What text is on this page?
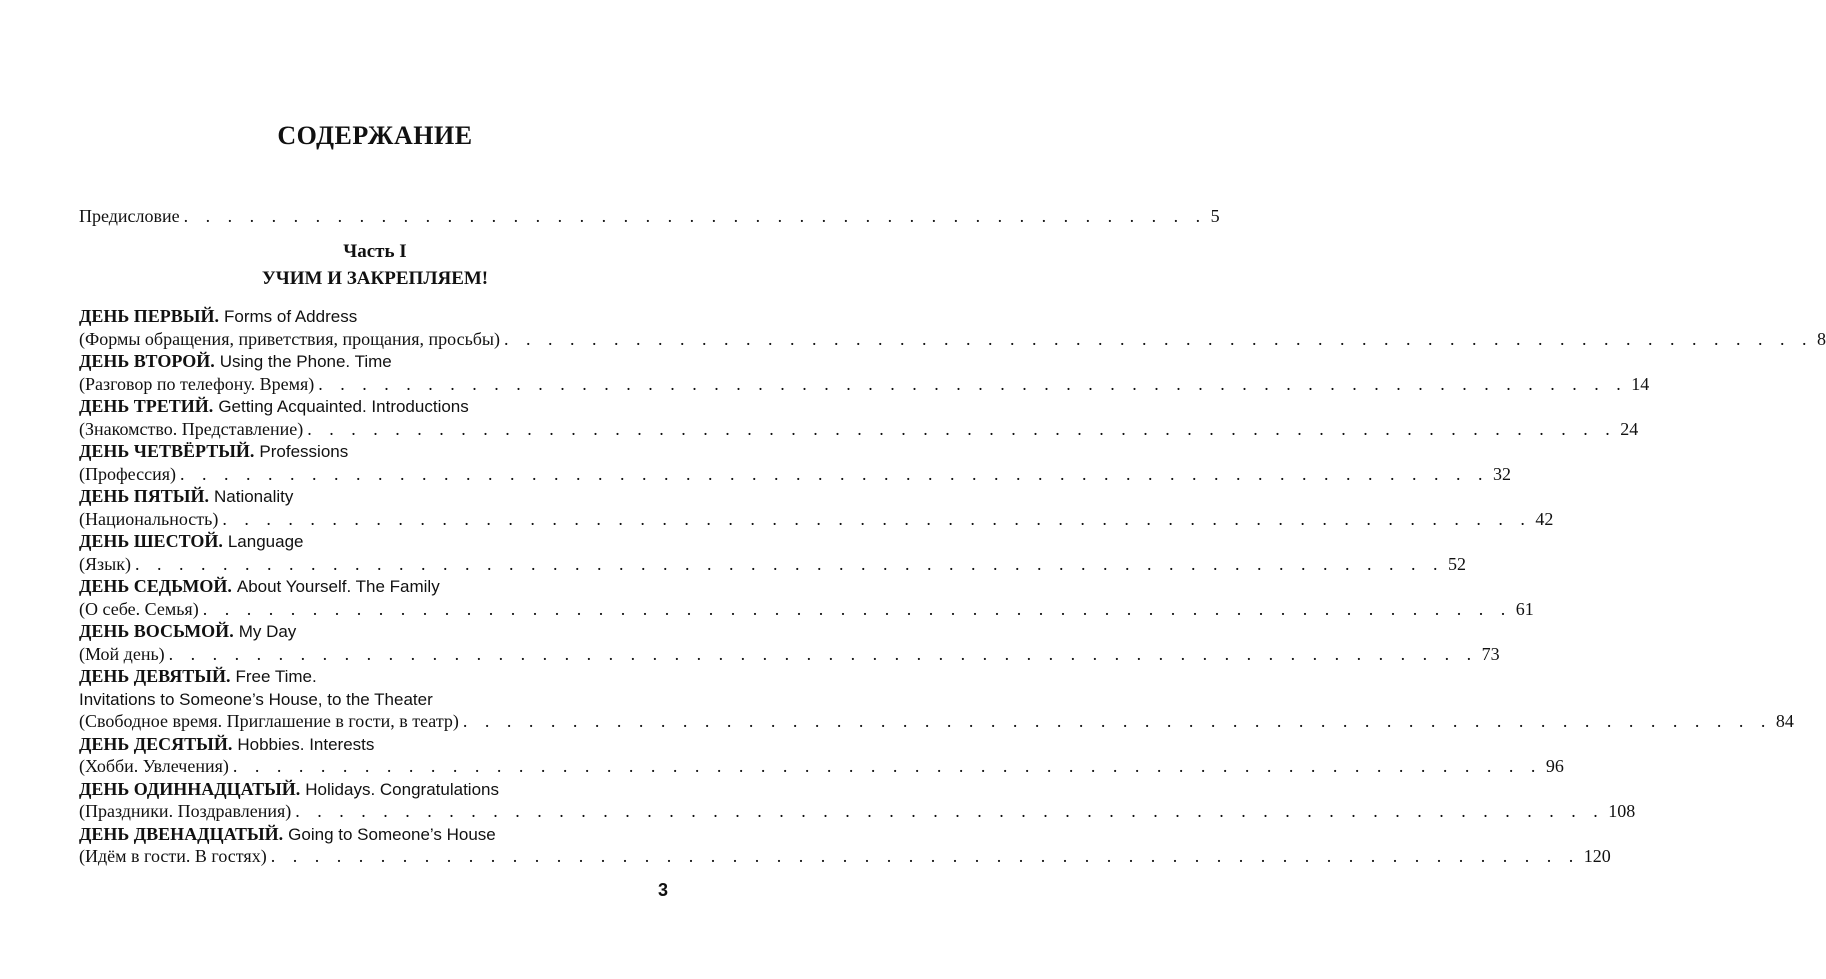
СОДЕРЖАНИЕ
Предисловие . . . . . . . . . . . . . . . . . . . . . . . . . . . . . . . . . . . . . . . . . . . . . . . 5
Часть I
УЧИМ И ЗАКРЕПЛЯЕМ!
ДЕНЬ ПЕРВЫЙ. Forms of Address
(Формы обращения, приветствия, прощания, просьбы) . . . . . . . . . . . . . . . . . . . . . . . . . . . . . . . . . . . . . . . . . . . . . . . . . . . . . . . . . . . . 8
ДЕНЬ ВТОРОЙ. Using the Phone. Time
(Разговор по телефону. Время) . . . . . . . . . . . . . . . . . . . . . . . . . . . . . . . . . . . . . . . . . . . . . . . . . . . . . . . . . . . . 14
ДЕНЬ ТРЕТИЙ. Getting Acquainted. Introductions
(Знакомство. Представление) . . . . . . . . . . . . . . . . . . . . . . . . . . . . . . . . . . . . . . . . . . . . . . . . . . . . . . . . . . . . 24
ДЕНЬ ЧЕТВЁРТЫЙ. Professions
(Профессия) . . . . . . . . . . . . . . . . . . . . . . . . . . . . . . . . . . . . . . . . . . . . . . . . . . . . . . . . . . . . 32
ДЕНЬ ПЯТЫЙ. Nationality
(Национальность) . . . . . . . . . . . . . . . . . . . . . . . . . . . . . . . . . . . . . . . . . . . . . . . . . . . . . . . . . . . . 42
ДЕНЬ ШЕСТОЙ. Language
(Язык) . . . . . . . . . . . . . . . . . . . . . . . . . . . . . . . . . . . . . . . . . . . . . . . . . . . . . . . . . . . . 52
ДЕНЬ СЕДЬМОЙ. About Yourself. The Family
(О себе. Семья) . . . . . . . . . . . . . . . . . . . . . . . . . . . . . . . . . . . . . . . . . . . . . . . . . . . . . . . . . . . . 61
ДЕНЬ ВОСЬМОЙ. My Day
(Мой день) . . . . . . . . . . . . . . . . . . . . . . . . . . . . . . . . . . . . . . . . . . . . . . . . . . . . . . . . . . . . 73
ДЕНЬ ДЕВЯТЫЙ. Free Time.
Invitations to Someone’s House, to the Theater
(Свободное время. Приглашение в гости, в театр) . . . . . . . . . . . . . . . . . . . . . . . . . . . . . . . . . . . . . . . . . . . . . . . . . . . . . . . . . . . . 84
ДЕНЬ ДЕСЯТЫЙ. Hobbies. Interests
(Хобби. Увлечения) . . . . . . . . . . . . . . . . . . . . . . . . . . . . . . . . . . . . . . . . . . . . . . . . . . . . . . . . . . . . 96
ДЕНЬ ОДИННАДЦАТЫЙ. Holidays. Congratulations
(Праздники. Поздравления) . . . . . . . . . . . . . . . . . . . . . . . . . . . . . . . . . . . . . . . . . . . . . . . . . . . . . . . . . . . . 108
ДЕНЬ ДВЕНАДЦАТЫЙ. Going to Someone’s House
(Идём в гости. В гостях) . . . . . . . . . . . . . . . . . . . . . . . . . . . . . . . . . . . . . . . . . . . . . . . . . . . . . . . . . . . . 120
3
